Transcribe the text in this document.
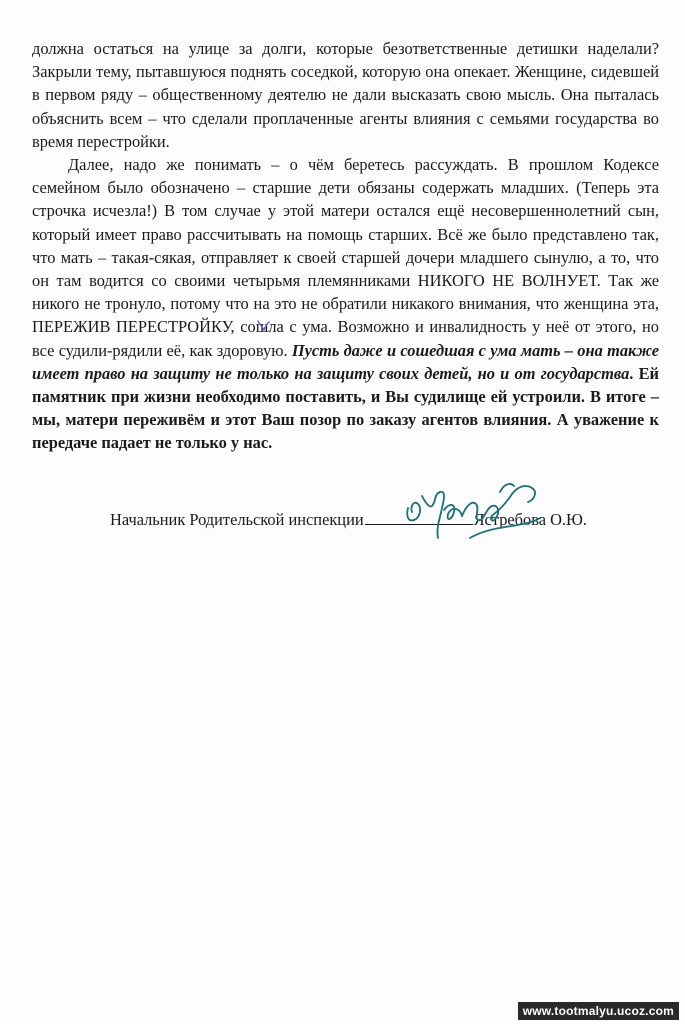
должна остаться на улице за долги, которые безответственные детишки наделали? Закрыли тему, пытавшуюся поднять соседкой, которую она опекает. Женщине, сидевшей в первом ряду – общественному деятелю не дали высказать свою мысль. Она пыталась объяснить всем – что сделали проплаченные агенты влияния с семьями государства во время перестройки.

Далее, надо же понимать – о чём беретесь рассуждать. В прошлом Кодексе семейном было обозначено – старшие дети обязаны содержать младших. (Теперь эта строчка исчезла!) В том случае у этой матери остался ещё несовершеннолетний сын, который имеет право рассчитывать на помощь старших. Всё же было представлено так, что мать – такая-сякая, отправляет к своей старшей дочери младшего сынулю, а то, что он там водится со своими четырьмя племянниками НИКОГО НЕ ВОЛНУЕТ. Так же никого не тронуло, потому что на это не обратили никакого внимания, что женщина эта, ПЕРЕЖИВ ПЕРЕСТРОЙКУ, сошла с ума. Возможно и инвалидность у неё от этого, но все судили-рядили её, как здоровую. Пусть даже и сошедшая с ума мать – она также имеет право на защиту не только на защиту своих детей, но и от государства. Ей памятник при жизни необходимо поставить, и Вы судилище ей устроили. В итоге – мы, матери переживём и этот Ваш позор по заказу агентов влияния. А уважение к передаче падает не только у нас.

Начальник Родительской инспекции	Ястребова О.Ю.
www.tootmalyu.ucoz.com
